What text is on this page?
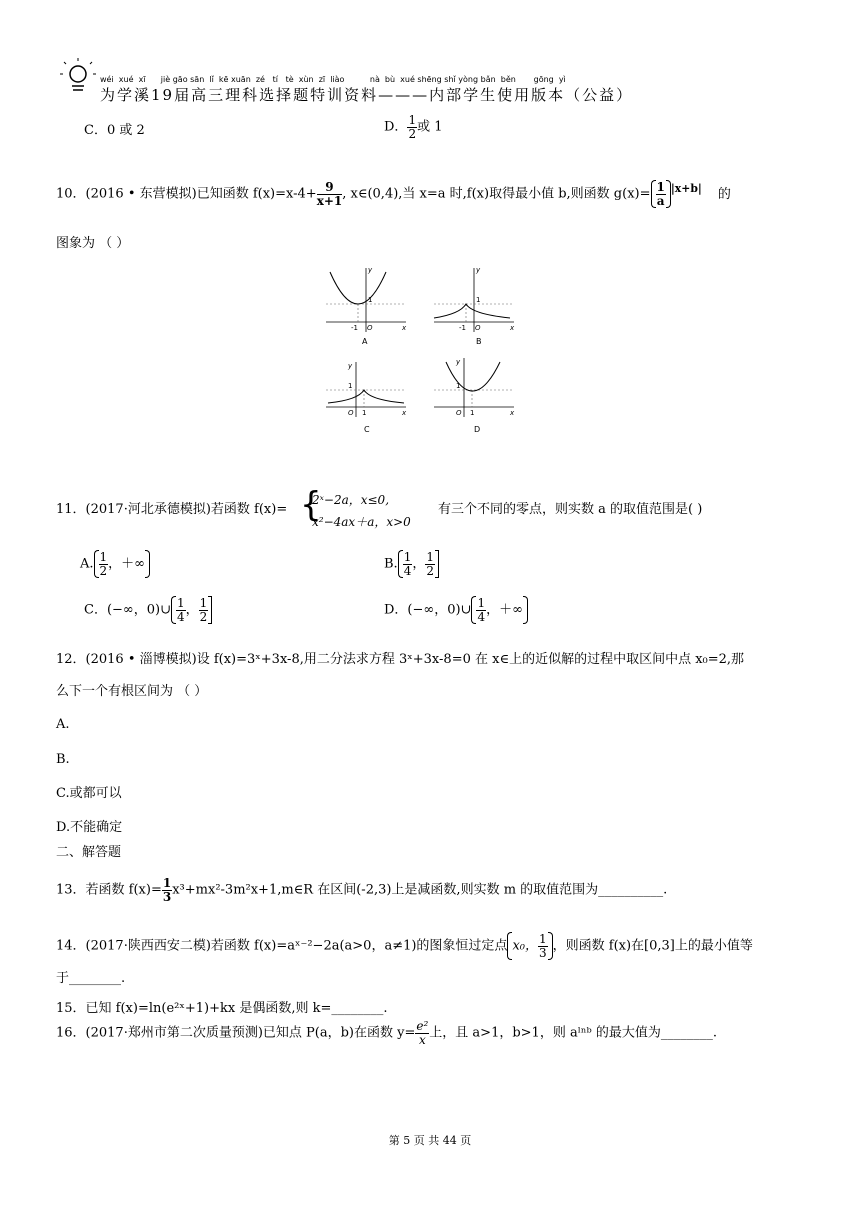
wéi  xué  xī      jiè gāo sān  lǐ  kē xuān  zé   tí   tè  xùn  zī  liào          nà  bù  xué shēng shǐ yòng bǎn  běn       gōng  yì
为学溪19届高三理科选择题特训资料———内部学生使用版本（公益）
C．0 或 2	D． $\frac{1}{2}$ 或 1
10．(2016 • 东营模拟)已知函数 $f(x)=x-4+ \frac{9}{x+1}$ , x∈(0,4),当 x=a 时,f(x)取得最小值 b,则函数 $g(x)= \frac{1}{a} ^{|x+b|}$ 的
图象为 （ ）
y
x
O
-1
1
A
y
x
O
-1
1
B
y
x
O 1
1
C
y
x
O 1
1
D
11．(2017·河北承德模拟)若函数 f(x)= {
2ˣ−2a，x≤0,
x²−4ax＋a，x>0
有三个不同的零点，则实数 a 的取值范围是( )
A. $\frac{1}{2}$ ，＋∞	B. $\frac{1}{4}$ ， $\frac{1}{2}$
C．(−∞，0)∪ $\frac{1}{4}$ ， $\frac{1}{2}$	D．(−∞，0)∪ $\frac{1}{4}$ ，＋∞
12．(2016 • 淄博模拟)设 f(x)=3ˣ+3x-8,用二分法求方程 3ˣ+3x-8=0 在 x∈上的近似解的过程中取区间中点 x₀=2,那
么下一个有根区间为 （ ）
A.
B.
C.或都可以
D.不能确定
二、解答题
13．若函数 $f(x)= \frac{1}{3}$ x³+mx²-3m²x+1,m∈R 在区间(-2,3)上是减函数,则实数 m 的取值范围为__________.
14．(2017·陕西西安二模)若函数 f(x)=aˣ⁻²−2a(a>0，a≠1)的图象恒过定点 x₀， $\frac{1}{3}$ ，则函数 f(x)在[0,3]上的最小值等
于________.
15．已知 f(x)=ln(e²ˣ+1)+kx 是偶函数,则 k=________.
16．(2017·郑州市第二次质量预测)已知点 P(a，b)在函数 $y= \frac{\text{e²}}{x}$ 上，且 a>1，b>1，则 aˡⁿᵇ 的最大值为________.
第 5 页 共 44 页
